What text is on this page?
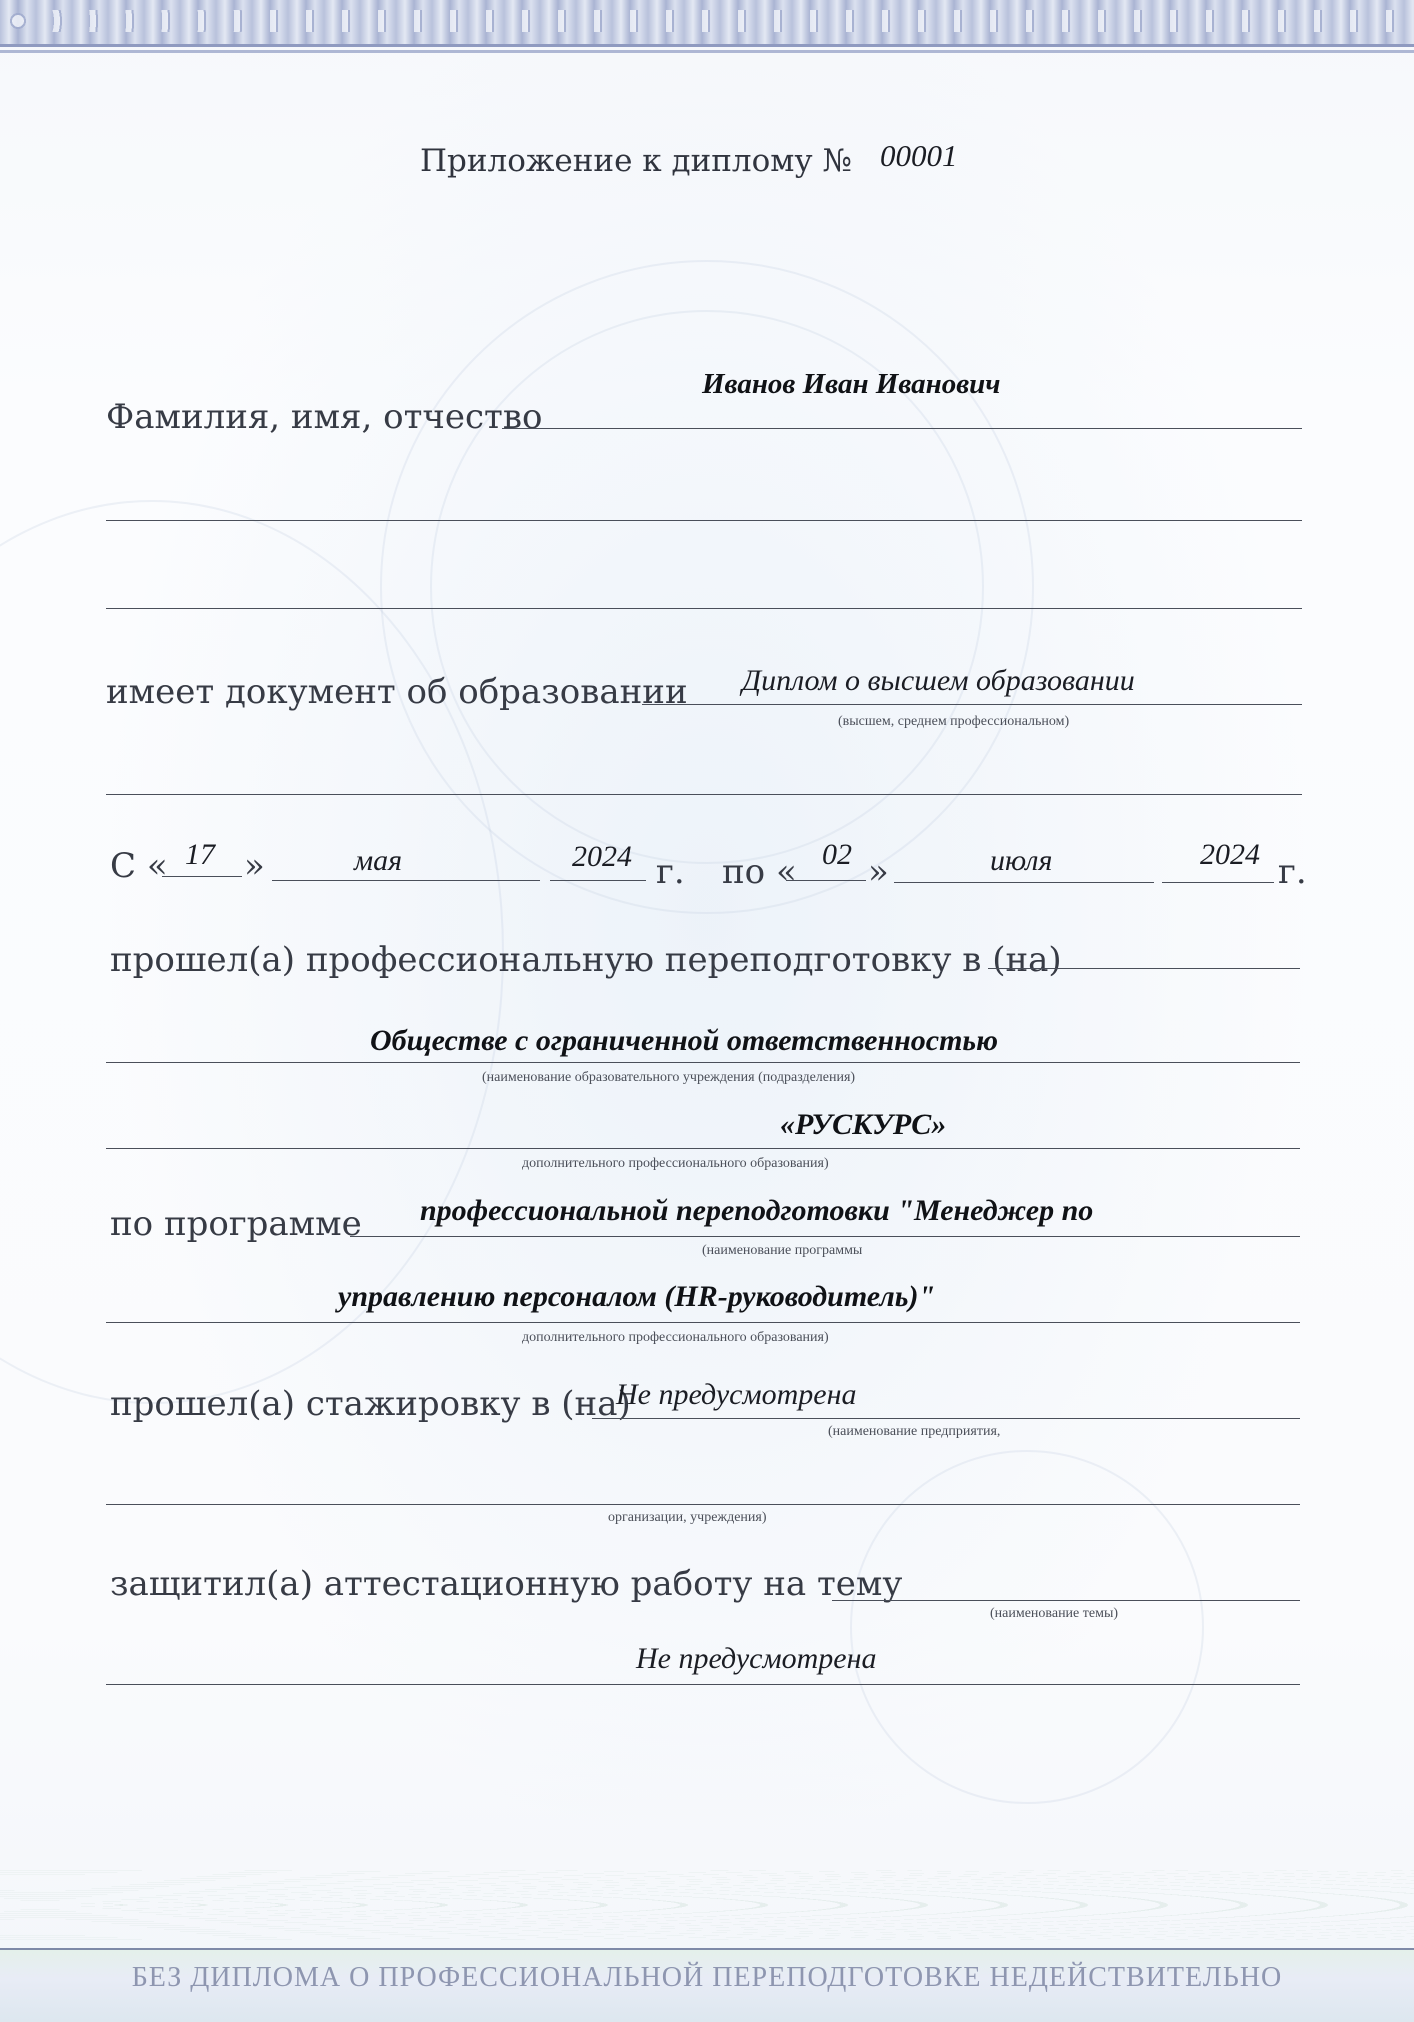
Приложение к диплому № 00001
Иванов Иван Иванович
Фамилия, имя, отчество
имеет документ об образовании Диплом о высшем образовании
(высшем, среднем профессиональном)
С « 17 »	мая	2024 г. по « 02 »	июля	2024 г.
прошел(а) профессиональную переподготовку в (на)
Обществе с ограниченной ответственностью
(наименование образовательного учреждения (подразделения)
«РУСКУРС»
дополнительного профессионального образования)
по программе профессиональной переподготовки "Менеджер по
(наименование программы
управлению персоналом (HR-руководитель)"
дополнительного профессионального образования)
прошел(а) стажировку в (на)
Не предусмотрена
(наименование предприятия,
организации, учреждения)
защитил(а) аттестационную работу на тему
(наименование темы)
Не предусмотрена
БЕЗ ДИПЛОМА О ПРОФЕССИОНАЛЬНОЙ ПЕРЕПОДГОТОВКЕ НЕДЕЙСТВИТЕЛЬНО
